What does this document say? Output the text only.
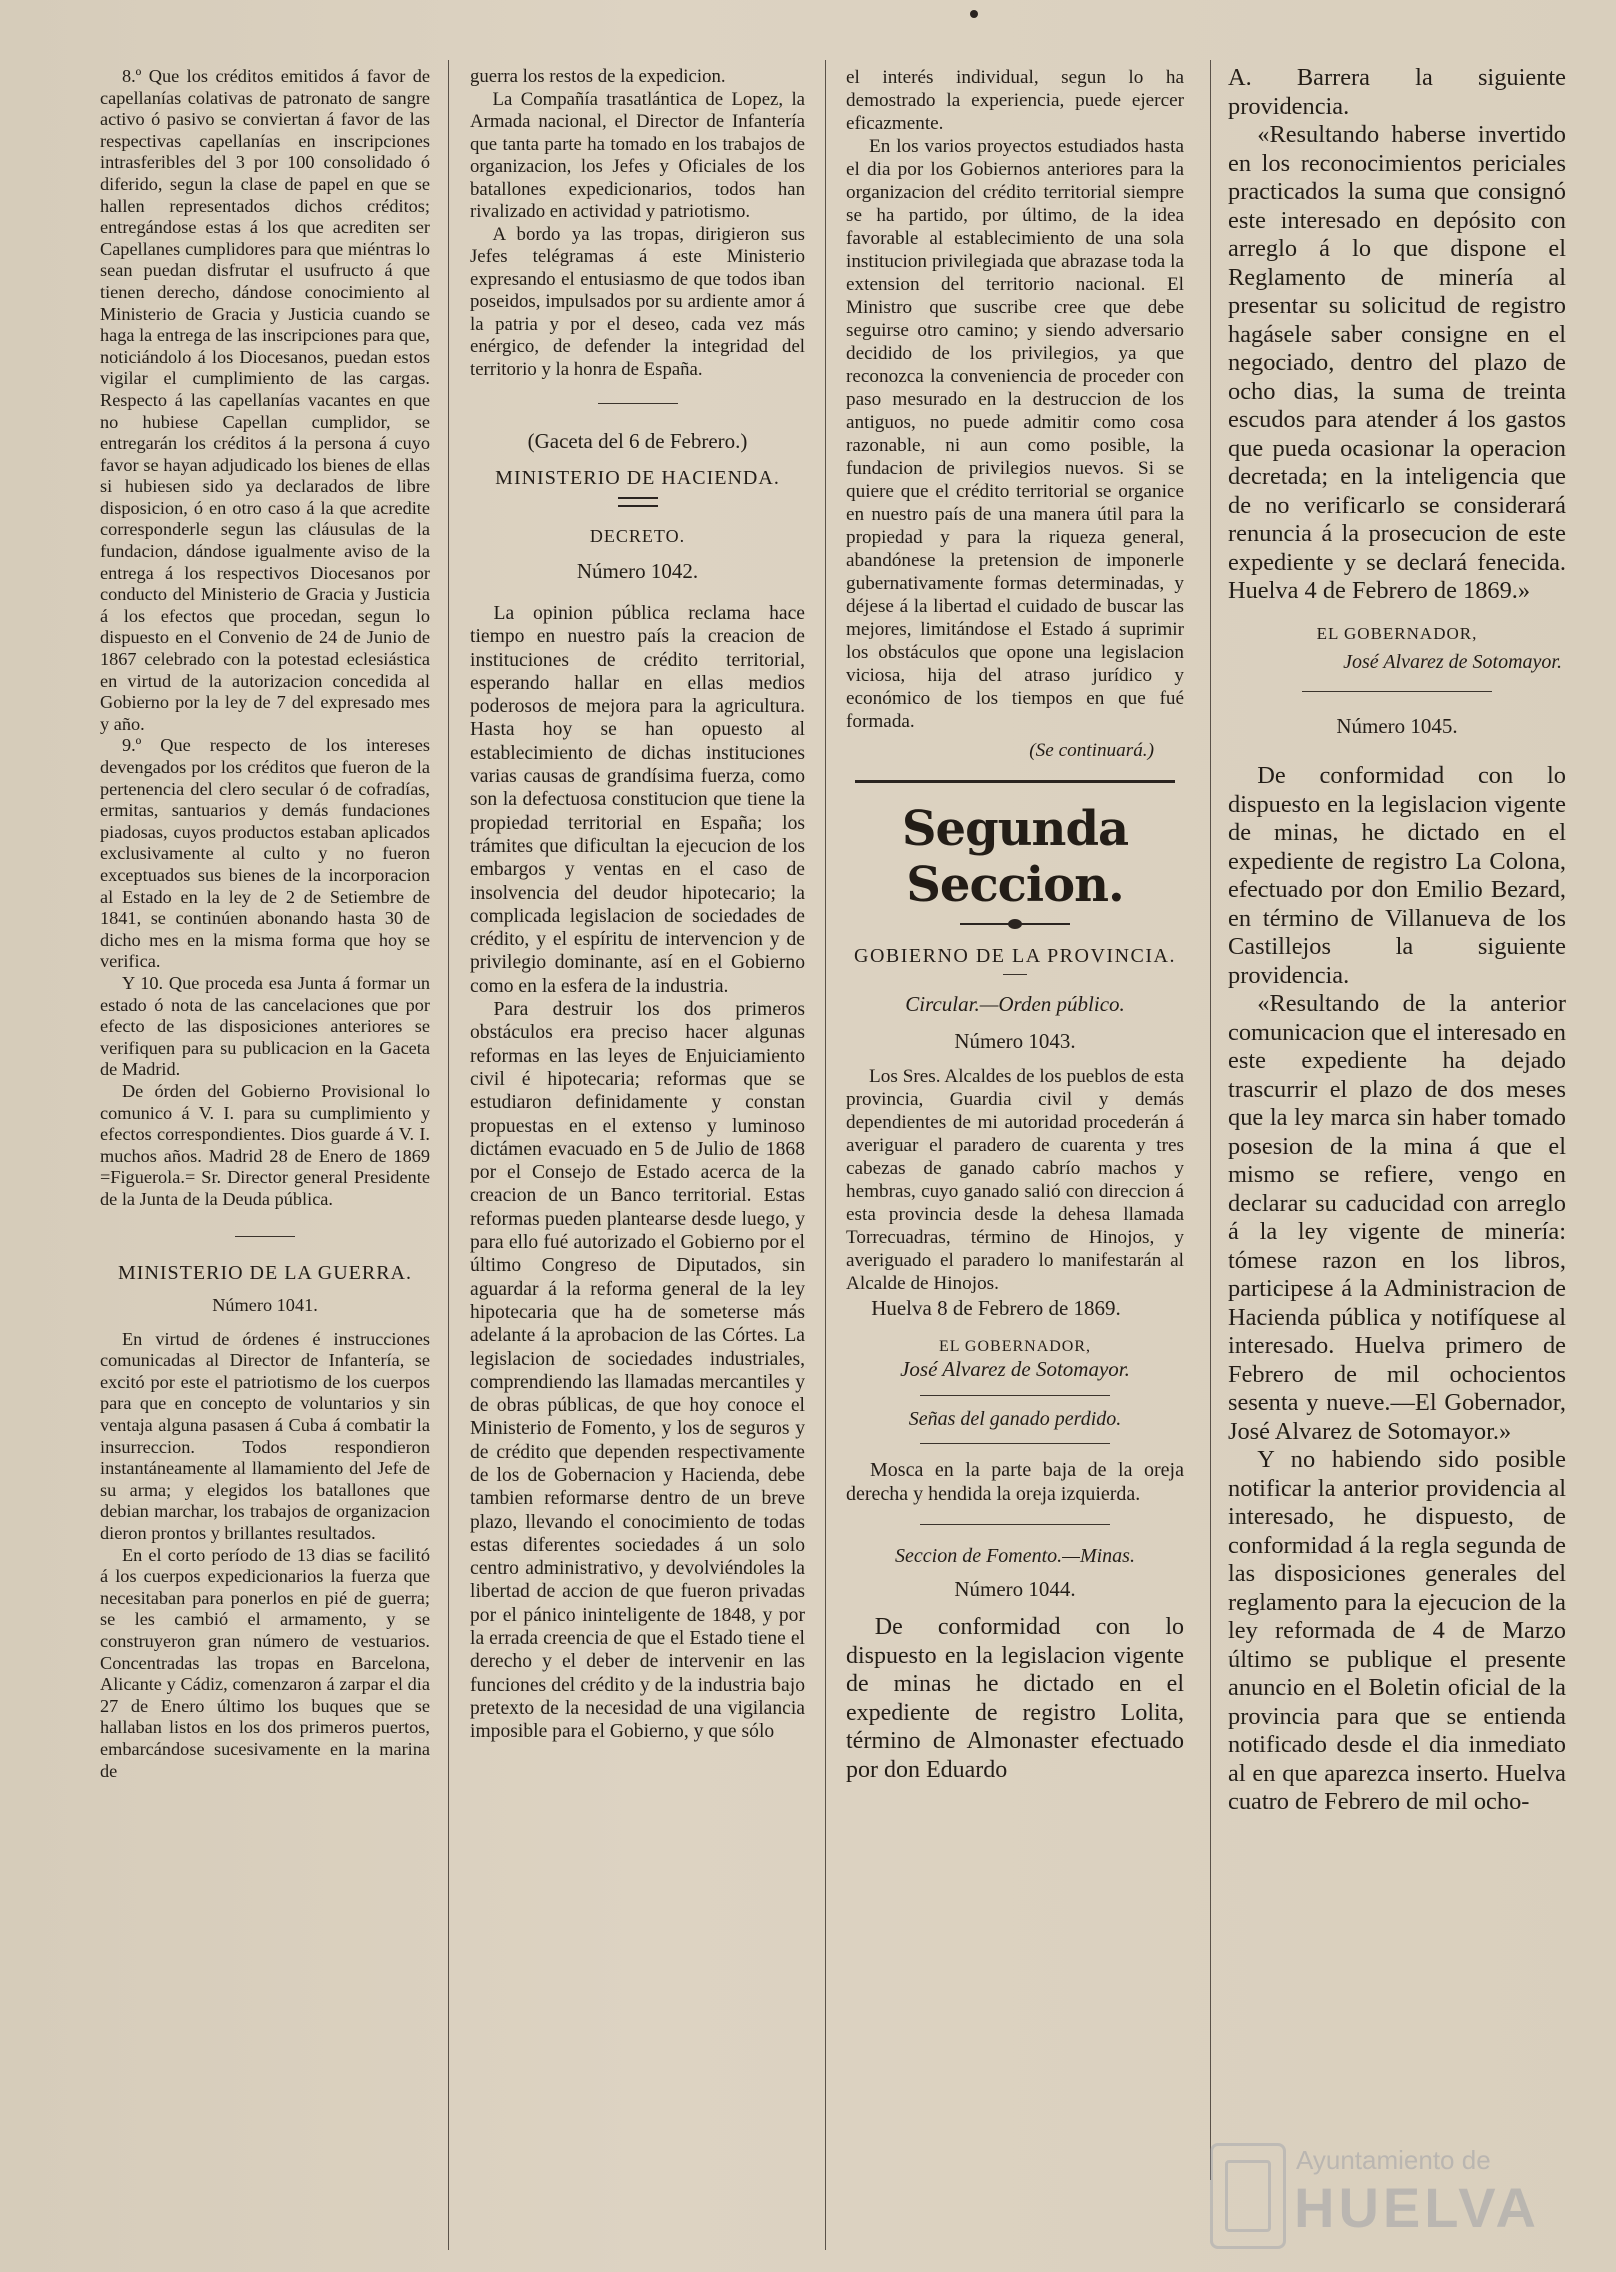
8.º Que los créditos emitidos á favor de capellanías colativas de patronato de sangre activo ó pasivo se conviertan á favor de las respectivas capellanías en inscripciones intrasferibles del 3 por 100 consolidado ó diferido, segun la clase de papel en que se hallen representados dichos créditos; entregándose estas á los que acrediten ser Capellanes cumplidores para que miéntras lo sean puedan disfrutar el usufructo á que tienen derecho, dándose conocimiento al Ministerio de Gracia y Justicia cuando se haga la entrega de las inscripciones para que, noticiándolo á los Diocesanos, puedan estos vigilar el cumplimiento de las cargas. Respecto á las capellanías vacantes en que no hubiese Capellan cumplidor, se entregarán los créditos á la persona á cuyo favor se hayan adjudicado los bienes de ellas si hubiesen sido ya declarados de libre disposicion, ó en otro caso á la que acredite corresponderle segun las cláusulas de la fundacion, dándose igualmente aviso de la entrega á los respectivos Diocesanos por conducto del Ministerio de Gracia y Justicia á los efectos que procedan, segun lo dispuesto en el Convenio de 24 de Junio de 1867 celebrado con la potestad eclesiástica en virtud de la autorizacion concedida al Gobierno por la ley de 7 del expresado mes y año.

9.º Que respecto de los intereses devengados por los créditos que fueron de la pertenencia del clero secular ó de cofradías, ermitas, santuarios y demás fundaciones piadosas, cuyos productos estaban aplicados exclusivamente al culto y no fueron exceptuados sus bienes de la incorporacion al Estado en la ley de 2 de Setiembre de 1841, se continúen abonando hasta 30 de dicho mes en la misma forma que hoy se verifica.

Y 10. Que proceda esa Junta á formar un estado ó nota de las cancelaciones que por efecto de las disposiciones anteriores se verifiquen para su publicacion en la Gaceta de Madrid.

De órden del Gobierno Provisional lo comunico á V. I. para su cumplimiento y efectos correspondientes. Dios guarde á V. I. muchos años. Madrid 28 de Enero de 1869 =Figuerola.= Sr. Director general Presidente de la Junta de la Deuda pública.

MINISTERIO DE LA GUERRA.
Número 1041.

En virtud de órdenes é instrucciones comunicadas al Director de Infantería, se excitó por este el patriotismo de los cuerpos para que en concepto de voluntarios y sin ventaja alguna pasasen á Cuba á combatir la insurreccion. Todos respondieron instantáneamente al llamamiento del Jefe de su arma; y elegidos los batallones que debian marchar, los trabajos de organizacion dieron prontos y brillantes resultados.

En el corto período de 13 dias se facilitó á los cuerpos expedicionarios la fuerza que necesitaban para ponerlos en pié de guerra; se les cambió el armamento, y se construyeron gran número de vestuarios. Concentradas las tropas en Barcelona, Alicante y Cádiz, comenzaron á zarpar el dia 27 de Enero último los buques que se hallaban listos en los dos primeros puertos, embarcándose sucesivamente en la marina de

guerra los restos de la expedicion.

La Compañía trasatlántica de Lopez, la Armada nacional, el Director de Infantería que tanta parte ha tomado en los trabajos de organizacion, los Jefes y Oficiales de los batallones expedicionarios, todos han rivalizado en actividad y patriotismo.

A bordo ya las tropas, dirigieron sus Jefes telégramas á este Ministerio expresando el entusiasmo de que todos iban poseidos, impulsados por su ardiente amor á la patria y por el deseo, cada vez más enérgico, de defender la integridad del territorio y la honra de España.

(Gaceta del 6 de Febrero.)
MINISTERIO DE HACIENDA.
DECRETO.
Número 1042.

La opinion pública reclama hace tiempo en nuestro país la creacion de instituciones de crédito territorial, esperando hallar en ellas medios poderosos de mejora para la agricultura. Hasta hoy se han opuesto al establecimiento de dichas instituciones varias causas de grandísima fuerza, como son la defectuosa constitucion que tiene la propiedad territorial en España; los trámites que dificultan la ejecucion de los embargos y ventas en el caso de insolvencia del deudor hipotecario; la complicada legislacion de sociedades de crédito, y el espíritu de intervencion y de privilegio dominante, así en el Gobierno como en la esfera de la industria.

Para destruir los dos primeros obstáculos era preciso hacer algunas reformas en las leyes de Enjuiciamiento civil é hipotecaria; reformas que se estudiaron definidamente y constan propuestas en el extenso y luminoso dictámen evacuado en 5 de Julio de 1868 por el Consejo de Estado acerca de la creacion de un Banco territorial. Estas reformas pueden plantearse desde luego, y para ello fué autorizado el Gobierno por el último Congreso de Diputados, sin aguardar á la reforma general de la ley hipotecaria que ha de someterse más adelante á la aprobacion de las Córtes. La legislacion de sociedades industriales, comprendiendo las llamadas mercantiles y de obras públicas, de que hoy conoce el Ministerio de Fomento, y los de seguros y de crédito que dependen respectivamente de los de Gobernacion y Hacienda, debe tambien reformarse dentro de un breve plazo, llevando el conocimiento de todas estas diferentes sociedades á un solo centro administrativo, y devolviéndoles la libertad de accion de que fueron privadas por el pánico ininteligente de 1848, y por la errada creencia de que el Estado tiene el derecho y el deber de intervenir en las funciones del crédito y de la industria bajo pretexto de la necesidad de una vigilancia imposible para el Gobierno, y que sólo

el interés individual, segun lo ha demostrado la experiencia, puede ejercer eficazmente.

En los varios proyectos estudiados hasta el dia por los Gobiernos anteriores para la organizacion del crédito territorial siempre se ha partido, por último, de la idea favorable al establecimiento de una sola institucion privilegiada que abrazase toda la extension del territorio nacional. El Ministro que suscribe cree que debe seguirse otro camino; y siendo adversario decidido de los privilegios, ya que reconozca la conveniencia de proceder con paso mesurado en la destruccion de los antiguos, no puede admitir como cosa razonable, ni aun como posible, la fundacion de privilegios nuevos. Si se quiere que el crédito territorial se organice en nuestro país de una manera útil para la propiedad y para la riqueza general, abandónese la pretension de imponerle gubernativamente formas determinadas, y déjese á la libertad el cuidado de buscar las mejores, limitándose el Estado á suprimir los obstáculos que opone una legislacion viciosa, hija del atraso jurídico y económico de los tiempos en que fué formada.

(Se continuará.)
Segunda Seccion.
GOBIERNO DE LA PROVINCIA.
Circular.—Orden público.
Número 1043.

Los Sres. Alcaldes de los pueblos de esta provincia, Guardia civil y demás dependientes de mi autoridad procederán á averiguar el paradero de cuarenta y tres cabezas de ganado cabrío machos y hembras, cuyo ganado salió con direccion á esta provincia desde la dehesa llamada Torrecuadras, término de Hinojos, y averiguado el paradero lo manifestarán al Alcalde de Hinojos.

Huelva 8 de Febrero de 1869.

EL GOBERNADOR,
José Alvarez de Sotomayor.
Señas del ganado perdido.

Mosca en la parte baja de la oreja derecha y hendida la oreja izquierda.

Seccion de Fomento.—Minas.
Número 1044.

De conformidad con lo dispuesto en la legislacion vigente de minas he dictado en el expediente de registro Lolita, término de Almonaster efectuado por don Eduardo

A. Barrera la siguiente providencia.

«Resultando haberse invertido en los reconocimientos periciales practicados la suma que consignó este interesado en depósito con arreglo á lo que dispone el Reglamento de minería al presentar su solicitud de registro hagásele saber consigne en el negociado, dentro del plazo de ocho dias, la suma de treinta escudos para atender á los gastos que pueda ocasionar la operacion decretada; en la inteligencia que de no verificarlo se considerará renuncia á la prosecucion de este expediente y se declará fenecida. Huelva 4 de Febrero de 1869.»

EL GOBERNADOR,
José Alvarez de Sotomayor.
Número 1045.

De conformidad con lo dispuesto en la legislacion vigente de minas, he dictado en el expediente de registro La Colona, efectuado por don Emilio Bezard, en término de Villanueva de los Castillejos la siguiente providencia.

«Resultando de la anterior comunicacion que el interesado en este expediente ha dejado trascurrir el plazo de dos meses que la ley marca sin haber tomado posesion de la mina á que el mismo se refiere, vengo en declarar su caducidad con arreglo á la ley vigente de minería: tómese razon en los libros, participese á la Administracion de Hacienda pública y notifíquese al interesado. Huelva primero de Febrero de mil ochocientos sesenta y nueve.—El Gobernador, José Alvarez de Sotomayor.»

Y no habiendo sido posible notificar la anterior providencia al interesado, he dispuesto, de conformidad á la regla segunda de las disposiciones generales del reglamento para la ejecucion de la ley reformada de 4 de Marzo último se publique el presente anuncio en el Boletin oficial de la provincia para que se entienda notificado desde el dia inmediato al en que aparezca inserto. Huelva cuatro de Febrero de mil ocho-

Ayuntamiento de
HUELVA
